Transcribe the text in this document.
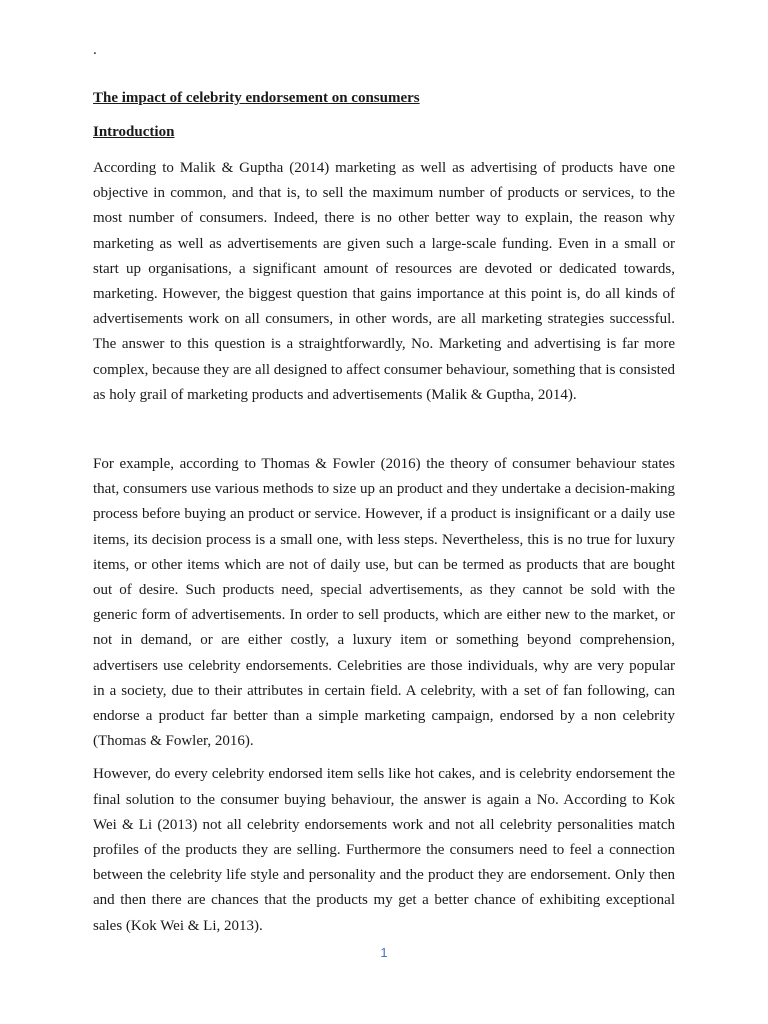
.
The impact of celebrity endorsement on consumers
Introduction

According to Malik & Guptha (2014) marketing as well as advertising of products have one objective in common, and that is, to sell the maximum number of products or services, to the most number of consumers. Indeed, there is no other better way to explain, the reason why marketing as well as advertisements are given such a large-scale funding. Even in a small or start up organisations, a significant amount of resources are devoted or dedicated towards, marketing. However, the biggest question that gains importance at this point is, do all kinds of advertisements work on all consumers, in other words, are all marketing strategies successful. The answer to this question is a straightforwardly, No. Marketing and advertising is far more complex, because they are all designed to affect consumer behaviour, something that is consisted as holy grail of marketing products and advertisements (Malik & Guptha, 2014).

For example, according to Thomas & Fowler (2016) the theory of consumer behaviour states that, consumers use various methods to size up an product and they undertake a decision-making process before buying an product or service. However, if a product is insignificant or a daily use items, its decision process is a small one, with less steps. Nevertheless, this is no true for luxury items, or other items which are not of daily use, but can be termed as products that are bought out of desire. Such products need, special advertisements, as they cannot be sold with the generic form of advertisements. In order to sell products, which are either new to the market, or not in demand, or are either costly, a luxury item or something beyond comprehension, advertisers use celebrity endorsements. Celebrities are those individuals, why are very popular in a society, due to their attributes in certain field. A celebrity, with a set of fan following, can endorse a product far better than a simple marketing campaign, endorsed by a non celebrity (Thomas & Fowler, 2016).

However, do every celebrity endorsed item sells like hot cakes, and is celebrity endorsement the final solution to the consumer buying behaviour, the answer is again a No. According to Kok Wei & Li (2013) not all celebrity endorsements work and not all celebrity personalities match profiles of the products they are selling. Furthermore the consumers need to feel a connection between the celebrity life style and personality and the product they are endorsement. Only then and then there are chances that the products my get a better chance of exhibiting exceptional sales (Kok Wei & Li, 2013).

1
